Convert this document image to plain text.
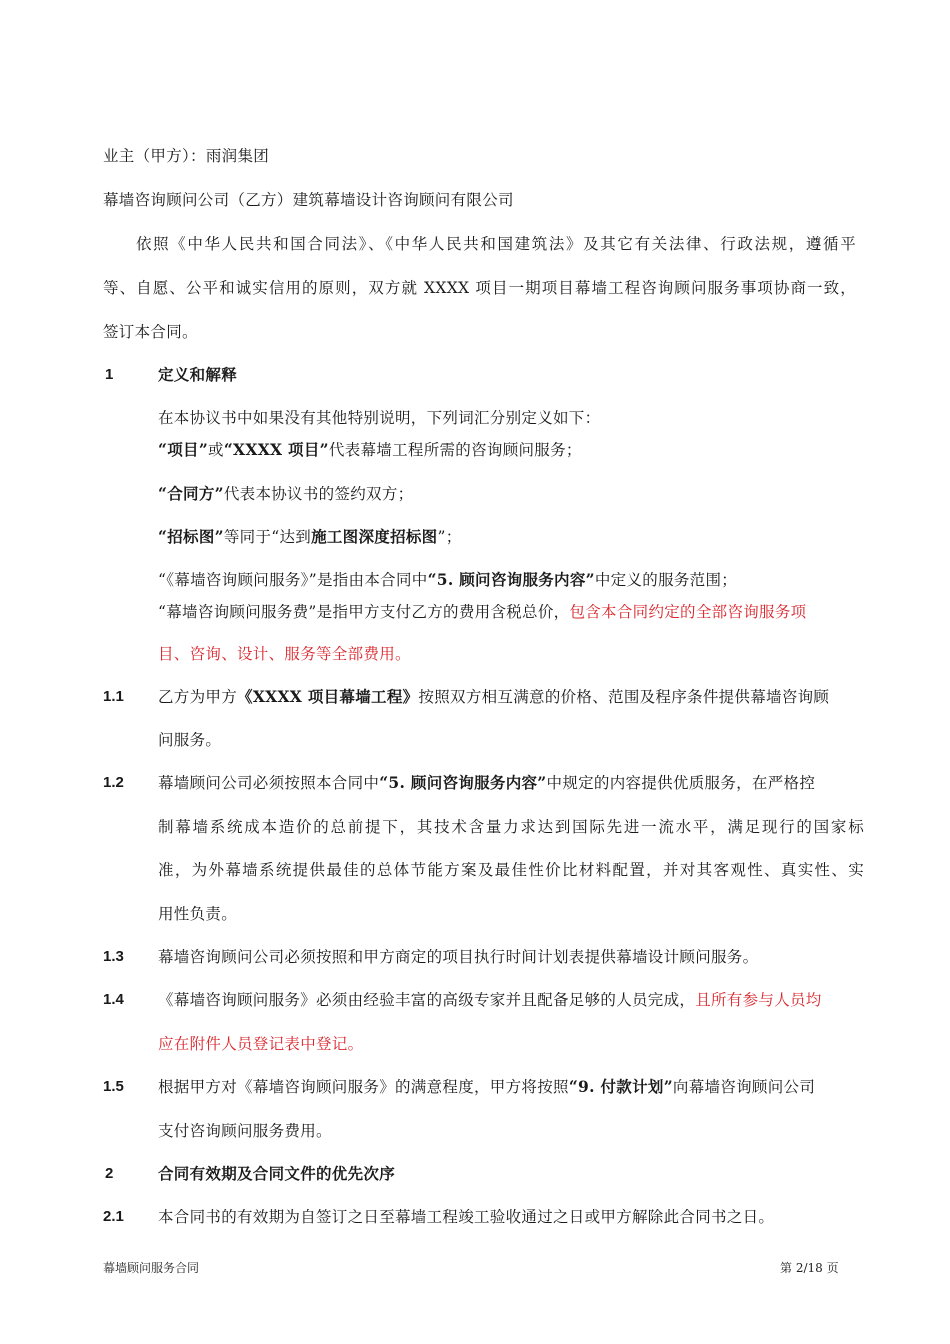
业主（甲方）：雨润集团
幕墙咨询顾问公司（乙方）建筑幕墙设计咨询顾问有限公司
依照《中华人民共和国合同法》、《中华人民共和国建筑法》及其它有关法律、行政法规，遵循平
等、自愿、公平和诚实信用的原则，双方就 XXXX 项目一期项目幕墙工程咨询顾问服务事项协商一致，
签订本合同。
1	定义和解释
在本协议书中如果没有其他特别说明，下列词汇分别定义如下：
“项目”或“XXXX 项目”代表幕墙工程所需的咨询顾问服务；
“合同方”代表本协议书的签约双方；
“招标图”等同于“达到施工图深度招标图”；
“《幕墙咨询顾问服务》”是指由本合同中“5. 顾问咨询服务内容”中定义的服务范围；
“幕墙咨询顾问服务费”是指甲方支付乙方的费用含税总价，包含本合同约定的全部咨询服务项
目、咨询、设计、服务等全部费用。
1.1 乙方为甲方《XXXX 项目幕墙工程》按照双方相互满意的价格、范围及程序条件提供幕墙咨询顾
问服务。
1.2 幕墙顾问公司必须按照本合同中“5. 顾问咨询服务内容”中规定的内容提供优质服务，在严格控
制幕墙系统成本造价的总前提下，其技术含量力求达到国际先进一流水平，满足现行的国家标
准，为外幕墙系统提供最佳的总体节能方案及最佳性价比材料配置，并对其客观性、真实性、实
用性负责。
1.3 幕墙咨询顾问公司必须按照和甲方商定的项目执行时间计划表提供幕墙设计顾问服务。
1.4 《幕墙咨询顾问服务》必须由经验丰富的高级专家并且配备足够的人员完成，且所有参与人员均
应在附件人员登记表中登记。
1.5 根据甲方对《幕墙咨询顾问服务》的满意程度，甲方将按照“9. 付款计划”向幕墙咨询顾问公司
支付咨询顾问服务费用。
2	合同有效期及合同文件的优先次序
2.1 本合同书的有效期为自签订之日至幕墙工程竣工验收通过之日或甲方解除此合同书之日。
幕墙顾问服务合同	第 2/18 页
